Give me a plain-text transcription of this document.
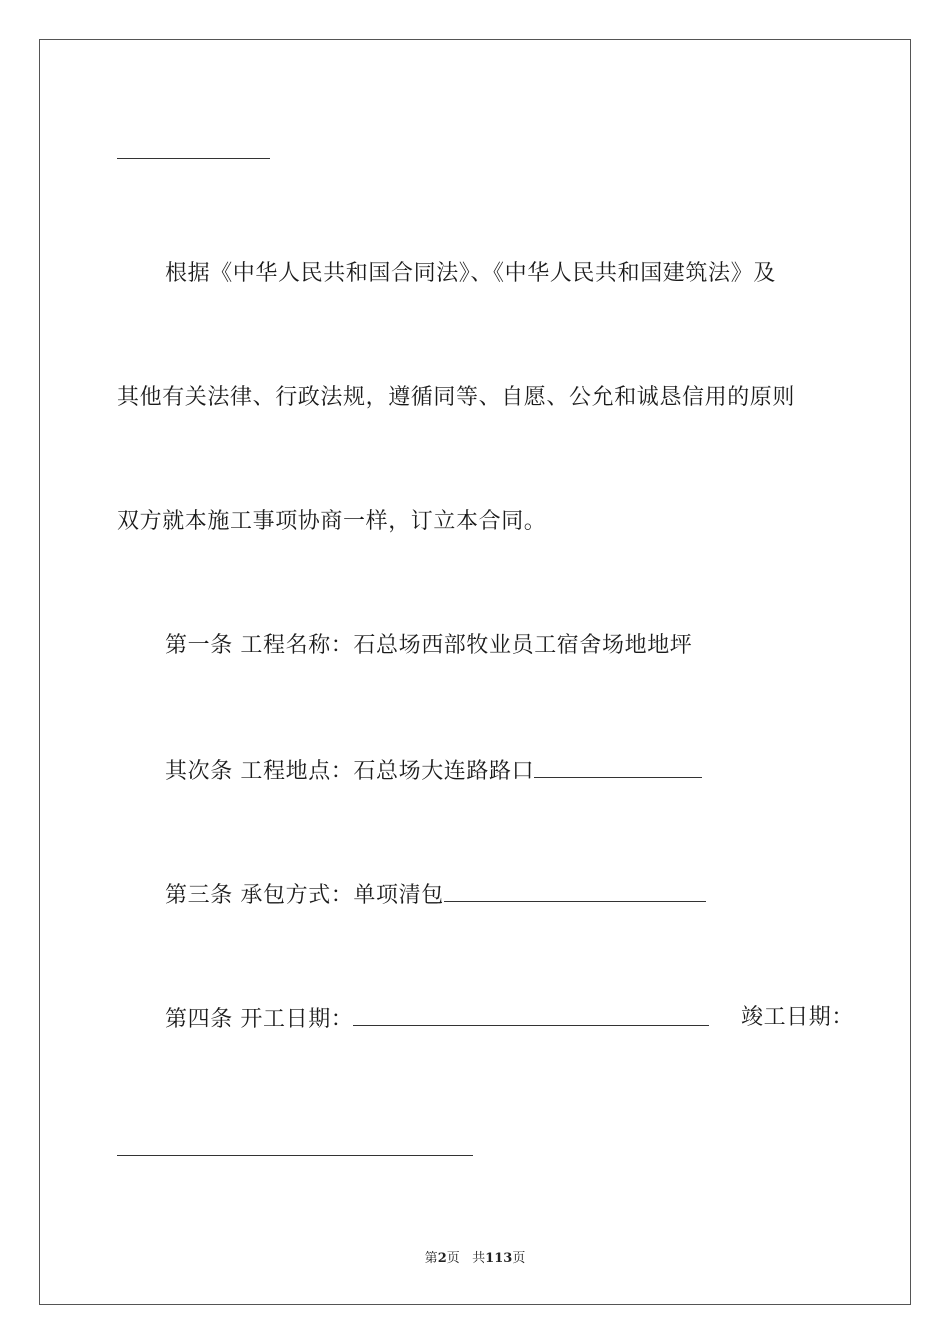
根据《中华人民共和国合同法》、《中华人民共和国建筑法》及
其他有关法律、行政法规，遵循同等、自愿、公允和诚恳信用的原则
双方就本施工事项协商一样，订立本合同。
第一条 工程名称：石总场西部牧业员工宿舍场地地坪
其次条 工程地点：石总场大连路路口
第三条 承包方式：单项清包
第四条 开工日期：	竣工日期：
第2页 共113页
